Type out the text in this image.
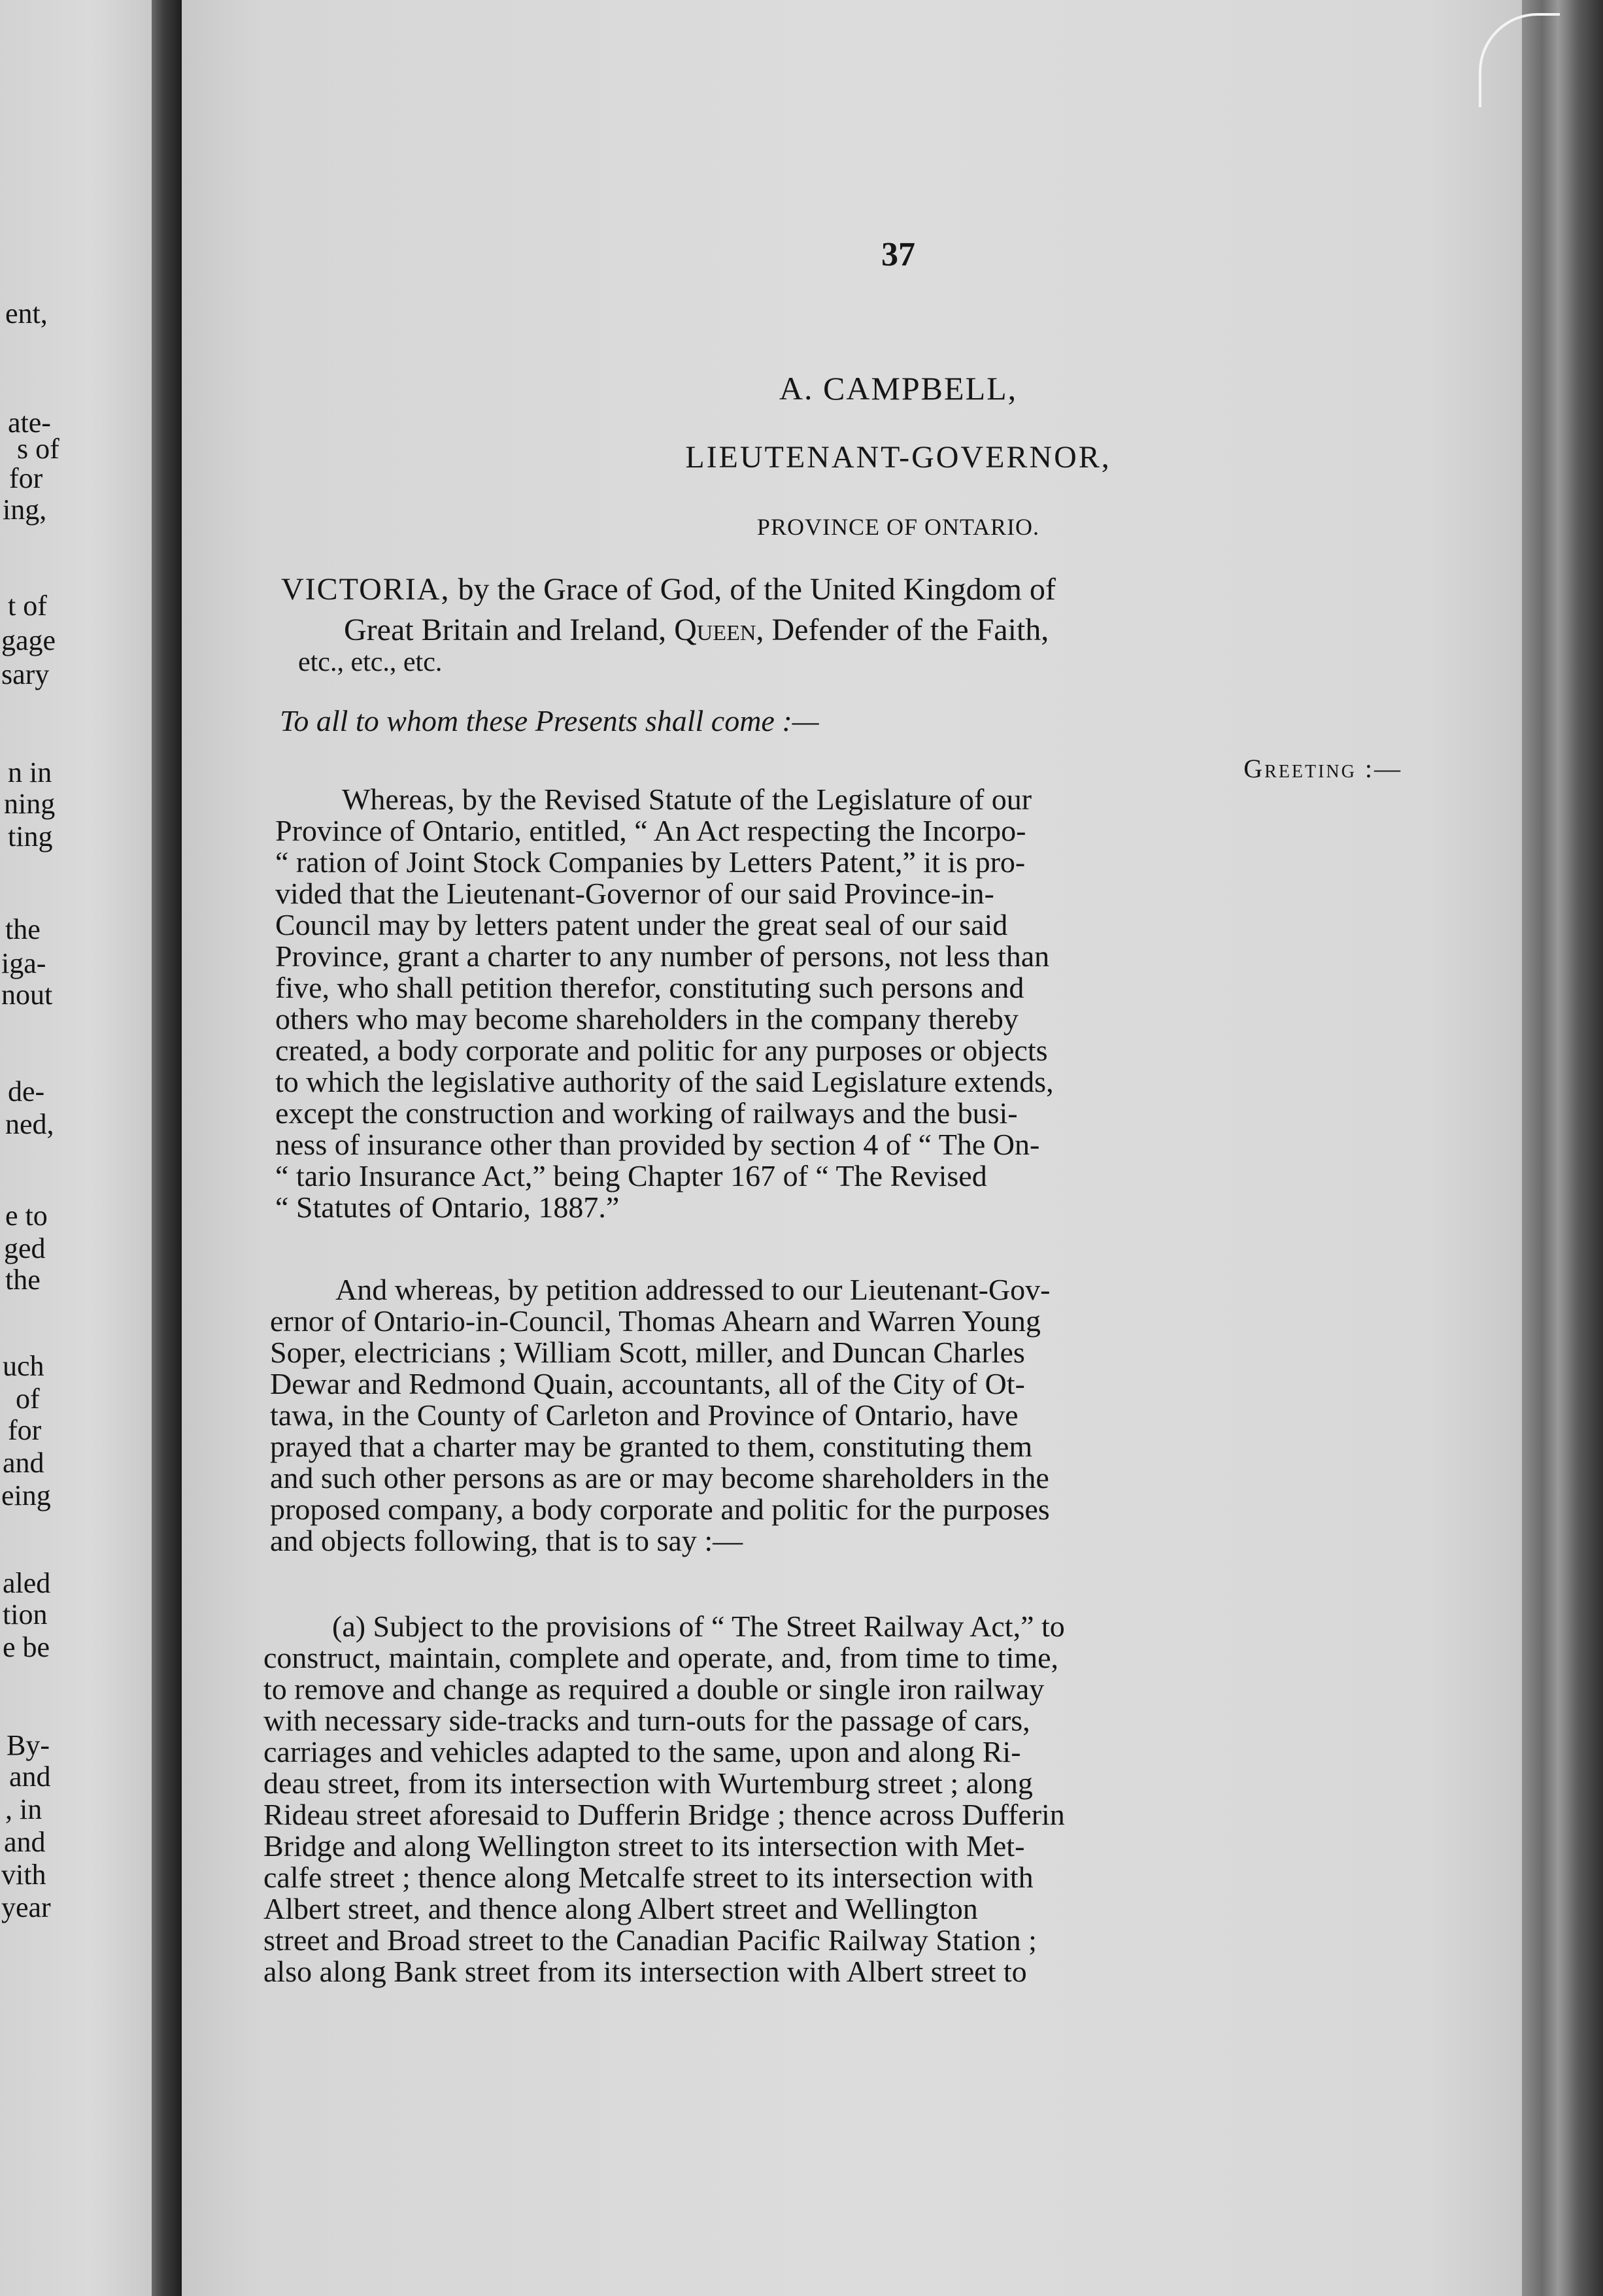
ent,
ate-
s of
for
ing,
t of
gage
sary
n in
ning
ting
the
iga-
nout
de-
ned,
e to
ged
the
uch
of
for
and
eing
aled
tion
e be
By-
and
, in
and
vith
year
37
A. CAMPBELL,
LIEUTENANT-GOVERNOR,
PROVINCE OF ONTARIO.
VICTORIA, by the Grace of God, of the United Kingdom of
Great Britain and Ireland, Queen, Defender of the Faith,
etc., etc., etc.
To all to whom these Presents shall come :—
Greeting :—
Whereas, by the Revised Statute of the Legislature of our
Province of Ontario, entitled, “ An Act respecting the Incorpo-
“ ration of Joint Stock Companies by Letters Patent,” it is pro-
vided that the Lieutenant-Governor of our said Province-in-
Council may by letters patent under the great seal of our said
Province, grant a charter to any number of persons, not less than
five, who shall petition therefor, constituting such persons and
others who may become shareholders in the company thereby
created, a body corporate and politic for any purposes or objects
to which the legislative authority of the said Legislature extends,
except the construction and working of railways and the busi-
ness of insurance other than provided by section 4 of “ The On-
“ tario Insurance Act,” being Chapter 167 of “ The Revised
“ Statutes of Ontario, 1887.”
And whereas, by petition addressed to our Lieutenant-Gov-
ernor of Ontario-in-Council, Thomas Ahearn and Warren Young
Soper, electricians ; William Scott, miller, and Duncan Charles
Dewar and Redmond Quain, accountants, all of the City of Ot-
tawa, in the County of Carleton and Province of Ontario, have
prayed that a charter may be granted to them, constituting them
and such other persons as are or may become shareholders in the
proposed company, a body corporate and politic for the purposes
and objects following, that is to say :—
(a) Subject to the provisions of “ The Street Railway Act,” to
construct, maintain, complete and operate, and, from time to time,
to remove and change as required a double or single iron railway
with necessary side-tracks and turn-outs for the passage of cars,
carriages and vehicles adapted to the same, upon and along Ri-
deau street, from its intersection with Wurtemburg street ; along
Rideau street aforesaid to Dufferin Bridge ; thence across Dufferin
Bridge and along Wellington street to its intersection with Met-
calfe street ; thence along Metcalfe street to its intersection with
Albert street, and thence along Albert street and Wellington
street and Broad street to the Canadian Pacific Railway Station ;
also along Bank street from its intersection with Albert street to
